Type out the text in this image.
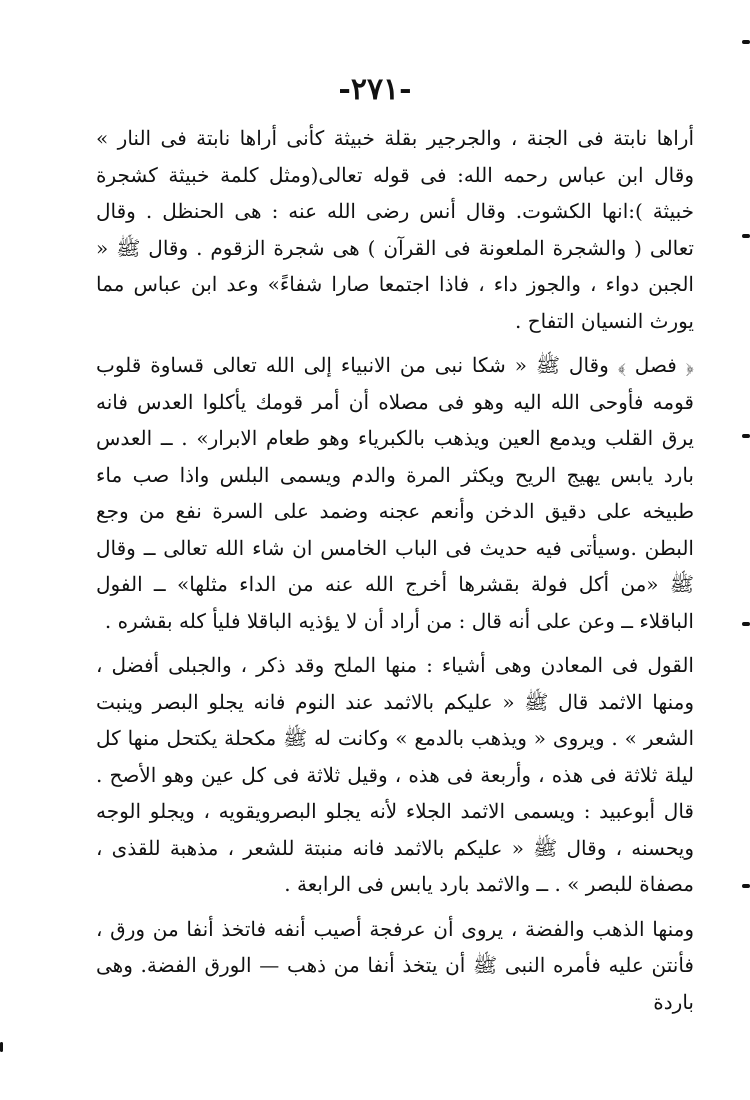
-٢٧١-

أراها نابتة فى الجنة ، والجرجير بقلة خبيثة كأنى أراها نابتة فى النار » وقال ابن عباس رحمه الله: فى قوله تعالى(ومثل كلمة خبيثة كشجرة خبيثة ):انها الكشوت. وقال أنس رضى الله عنه : هى الحنظل . وقال تعالى ( والشجرة الملعونة فى القرآن ) هى شجرة الزقوم . وقال ﷺ « الجبن دواء ، والجوز داء ، فاذا اجتمعا صارا شفاءً» وعد ابن عباس مما يورث النسيان التفاح .

﴿ فصل ﴾ وقال ﷺ « شكا نبى من الانبياء إلى الله تعالى قساوة قلوب قومه فأوحى الله اليه وهو فى مصلاه أن أمر قومك يأكلوا العدس فانه يرق القلب ويدمع العين ويذهب بالكبرياء وهو طعام الابرار» . ــ العدس بارد يابس يهيج الريح ويكثر المرة والدم ويسمى البلس واذا صب ماء طبيخه على دقيق الدخن وأنعم عجنه وضمد على السرة نفع من وجع البطن .وسيأتى فيه حديث فى الباب الخامس ان شاء الله تعالى ــ وقال ﷺ «من أكل فولة بقشرها أخرج الله عنه من الداء مثلها» ــ الفول الباقلاء ــ وعن على أنه قال : من أراد أن لا يؤذيه الباقلا فليأ كله بقشره .

القول فى المعادن وهى أشياء : منها الملح وقد ذكر ، والجبلى أفضل ، ومنها الاثمد قال ﷺ « عليكم بالاثمد عند النوم فانه يجلو البصر وينبت الشعر » . ويروى « ويذهب بالدمع » وكانت له ﷺ مكحلة يكتحل منها كل ليلة ثلاثة فى هذه ، وأربعة فى هذه ، وقيل ثلاثة فى كل عين وهو الأصح . قال أبوعبيد : ويسمى الاثمد الجلاء لأنه يجلو البصرويقويه ، ويجلو الوجه ويحسنه ، وقال ﷺ « عليكم بالاثمد فانه منبتة للشعر ، مذهبة للقذى ، مصفاة للبصر » . ــ والاثمد بارد يابس فى الرابعة .

ومنها الذهب والفضة ، يروى أن عرفجة أصيب أنفه فاتخذ أنفا من ورق ، فأنتن عليه فأمره النبى ﷺ أن يتخذ أنفا من ذهب — الورق الفضة. وهى باردة
